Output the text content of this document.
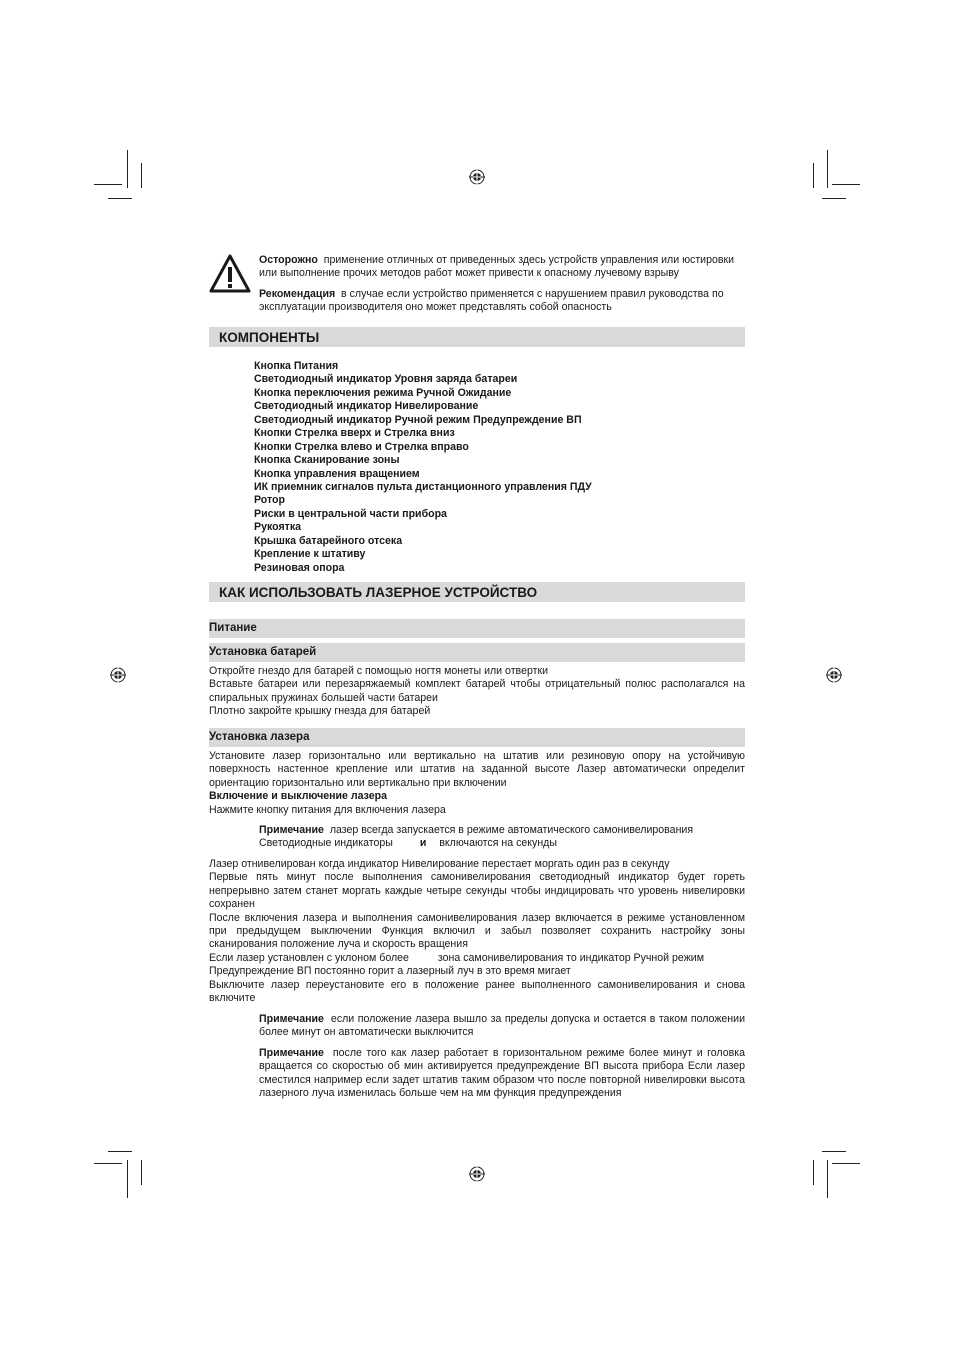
Осторожно применение отличных от приведенных здесь устройств управления или юстировки или выполнение прочих методов работ может привести к опасному лучевому взрыву
Рекомендация в случае если устройство применяется с нарушением правил руководства по эксплуатации производителя оно может представлять собой опасность
КОМПОНЕНТЫ
Кнопка Питания
Светодиодный индикатор Уровня заряда батареи
Кнопка переключения режима Ручной Ожидание
Светодиодный индикатор Нивелирование
Светодиодный индикатор Ручной режим Предупреждение ВП
Кнопки Стрелка вверх и Стрелка вниз
Кнопки Стрелка влево и Стрелка вправо
Кнопка Сканирование зоны
Кнопка управления вращением
ИК приемник сигналов пульта дистанционного управления ПДУ
Ротор
Риски в центральной части прибора
Рукоятка
Крышка батарейного отсека
Крепление к штативу
Резиновая опора
КАК ИСПОЛЬЗОВАТЬ ЛАЗЕРНОЕ УСТРОЙСТВО
Питание
Установка батарей

Откройте гнездо для батарей с помощью ногтя монеты или отвертки

Вставьте батареи или перезаряжаемый комплект батарей чтобы отрицательный полюс располагался на спиральных пружинах большей части батареи

Плотно закройте крышку гнезда для батарей

Установка лазера

Установите лазер горизонтально или вертикально на штатив или резиновую опору на устойчивую поверхность настенное крепление или штатив на заданной высоте Лазер автоматически определит ориентацию горизонтально или вертикально при включении

Включение и выключение лазера

Нажмите кнопку питания для включения лазера

Примечание лазер всегда запускается в режиме автоматического самонивелирования

Светодиодные индикаторы	и включаются на секунды

Лазер отнивелирован когда индикатор Нивелирование перестает моргать один раз в секунду

Первые пять минут после выполнения самонивелирования светодиодный индикатор будет гореть непрерывно затем станет моргать каждые четыре секунды чтобы индицировать что уровень нивелировки сохранен

После включения лазера и выполнения самонивелирования лазер включается в режиме установленном при предыдущем выключении Функция включил и забыл позволяет сохранить настройку зоны сканирования положение луча и скорость вращения

Если лазер установлен с уклоном более	зона самонивелирования то индикатор Ручной режим

Предупреждение ВП постоянно горит а лазерный луч в это время мигает

Выключите лазер переустановите его в положение ранее выполненного самонивелирования и снова включите

Примечание если положение лазера вышло за пределы допуска и остается в таком положении более минут он автоматически выключится
Примечание после того как лазер работает в горизонтальном режиме более минут и головка вращается со скоростью об мин активируется предупреждение ВП высота прибора Если лазер сместился например если задет штатив таким образом что после повторной нивелировки высота лазерного луча изменилась больше чем на мм функция предупреждения
